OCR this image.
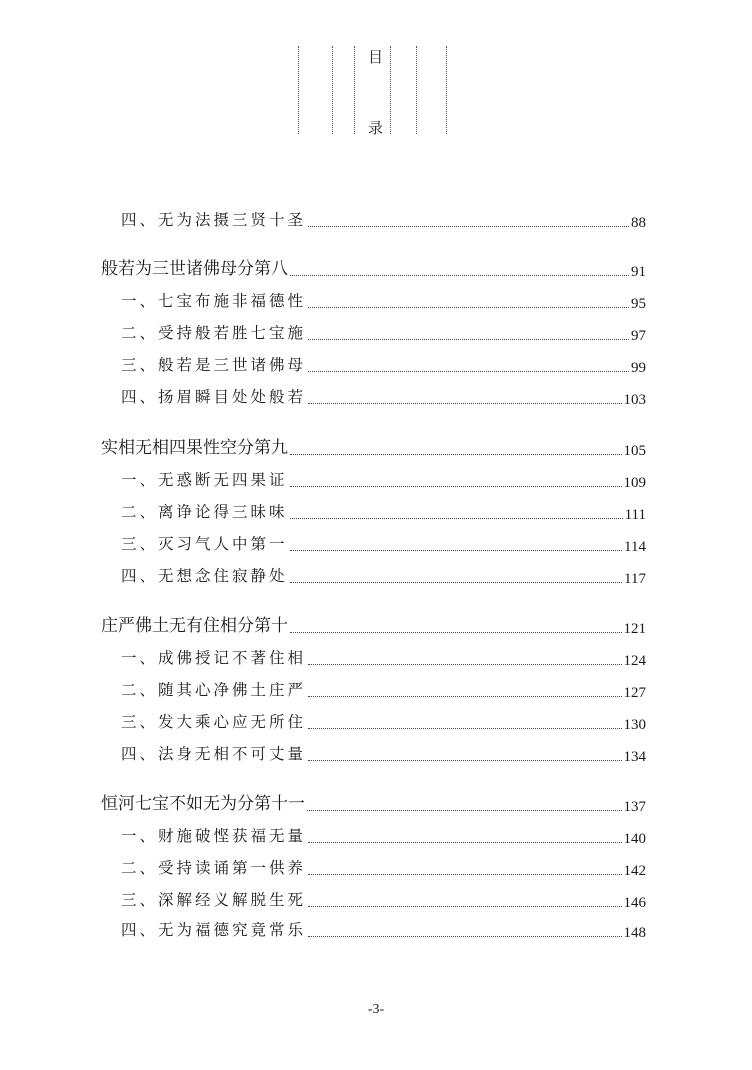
目
录
四、无为法摄三贤十圣	88
般若为三世诸佛母分第八	91
一、七宝布施非福德性	95
二、受持般若胜七宝施	97
三、般若是三世诸佛母	99
四、扬眉瞬目处处般若	103
实相无相四果性空分第九	105
一、无惑断无四果证	109
二、离诤论得三昧味	111
三、灭习气人中第一	114
四、无想念住寂静处	117
庄严佛土无有住相分第十	121
一、成佛授记不著住相	124
二、随其心净佛土庄严	127
三、发大乘心应无所住	130
四、法身无相不可丈量	134
恒河七宝不如无为分第十一	137
一、财施破悭获福无量	140
二、受持读诵第一供养	142
三、深解经义解脱生死	146
四、无为福德究竟常乐	148
-3-
